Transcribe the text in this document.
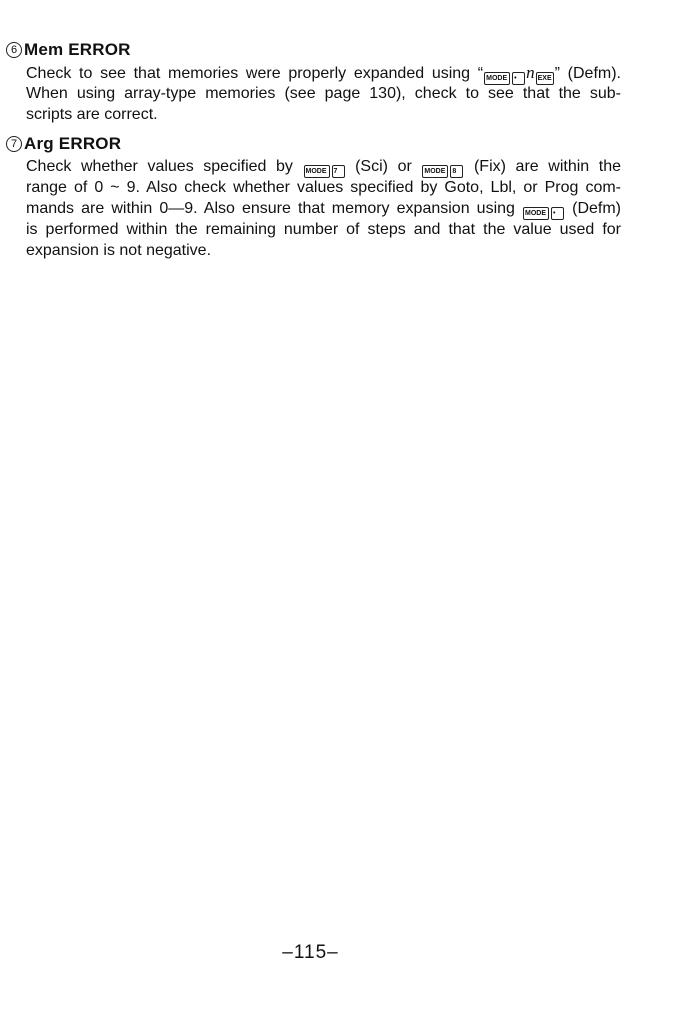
6 Mem ERROR
Check to see that memories were properly expanded using “ MODE • n EXE ” (Defm).
When using array-type memories (see page 130), check to see that the sub-
scripts are correct.
7 Arg ERROR
Check whether values specified by MODE 7 (Sci) or MODE 8 (Fix) are within the
range of 0 ~ 9. Also check whether values specified by Goto, Lbl, or Prog com-
mands are within 0—9. Also ensure that memory expansion using MODE • (Defm)
is performed within the remaining number of steps and that the value used for
expansion is not negative.
–115–
